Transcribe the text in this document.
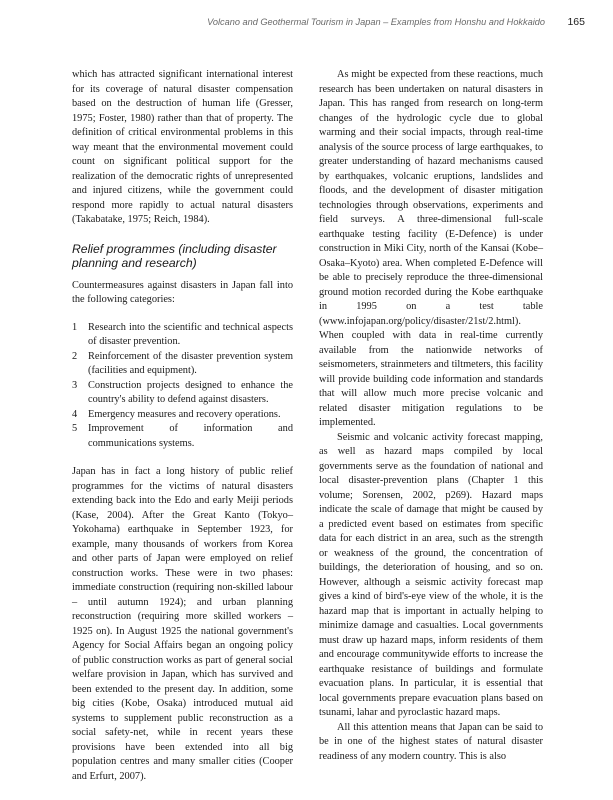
Volcano and Geothermal Tourism in Japan – Examples from Honshu and Hokkaido 165

which has attracted significant international interest for its coverage of natural disaster compensation based on the destruction of human life (Gresser, 1975; Foster, 1980) rather than that of property. The definition of critical environmental problems in this way meant that the environmental movement could count on significant political support for the realization of the democratic rights of unrepresented and injured citizens, while the government could respond more rapidly to actual natural disasters (Takabatake, 1975; Reich, 1984).

Relief programmes (including disaster planning and research)

Countermeasures against disasters in Japan fall into the following categories:

1	Research into the scientific and technical aspects of disaster prevention.
2	Reinforcement of the disaster prevention system (facilities and equipment).
3	Construction projects designed to enhance the country's ability to defend against disasters.
4	Emergency measures and recovery operations.
5	Improvement of information and communications systems.

Japan has in fact a long history of public relief programmes for the victims of natural disasters extending back into the Edo and early Meiji periods (Kase, 2004). After the Great Kanto (Tokyo–Yokohama) earthquake in September 1923, for example, many thousands of workers from Korea and other parts of Japan were employed on relief construction works. These were in two phases: immediate construction (requiring non-skilled labour – until autumn 1924); and urban planning reconstruction (requiring more skilled workers – 1925 on). In August 1925 the national government's Agency for Social Affairs began an ongoing policy of public construction works as part of general social welfare provision in Japan, which has survived and been extended to the present day. In addition, some big cities (Kobe, Osaka) introduced mutual aid systems to supplement public reconstruction as a social safety-net, while in recent years these provisions have been extended into all big population centres and many smaller cities (Cooper and Erfurt, 2007).

As might be expected from these reactions, much research has been undertaken on natural disasters in Japan. This has ranged from research on long-term changes of the hydrologic cycle due to global warming and their social impacts, through real-time analysis of the source process of large earthquakes, to greater understanding of hazard mechanisms caused by earthquakes, volcanic eruptions, landslides and floods, and the development of disaster mitigation technologies through observations, experiments and field surveys. A three-dimensional full-scale earthquake testing facility (E-Defence) is under construction in Miki City, north of the Kansai (Kobe–Osaka–Kyoto) area. When completed E-Defence will be able to precisely reproduce the three-dimensional ground motion recorded during the Kobe earthquake in 1995 on a test table (www.infojapan.org/policy/disaster/21st/2.html). When coupled with data in real-time currently available from the nationwide networks of seismometers, strainmeters and tiltmeters, this facility will provide building code information and standards that will allow much more precise volcanic and related disaster mitigation regulations to be implemented.

Seismic and volcanic activity forecast mapping, as well as hazard maps compiled by local governments serve as the foundation of national and local disaster-prevention plans (Chapter 1 this volume; Sorensen, 2002, p269). Hazard maps indicate the scale of damage that might be caused by a predicted event based on estimates from specific data for each district in an area, such as the strength or weakness of the ground, the concentration of buildings, the deterioration of housing, and so on. However, although a seismic activity forecast map gives a kind of bird's-eye view of the whole, it is the hazard map that is important in actually helping to minimize damage and casualties. Local governments must draw up hazard maps, inform residents of them and encourage communitywide efforts to increase the earthquake resistance of buildings and formulate evacuation plans. In particular, it is essential that local governments prepare evacuation plans based on tsunami, lahar and pyroclastic hazard maps.

All this attention means that Japan can be said to be in one of the highest states of natural disaster readiness of any modern country. This is also
